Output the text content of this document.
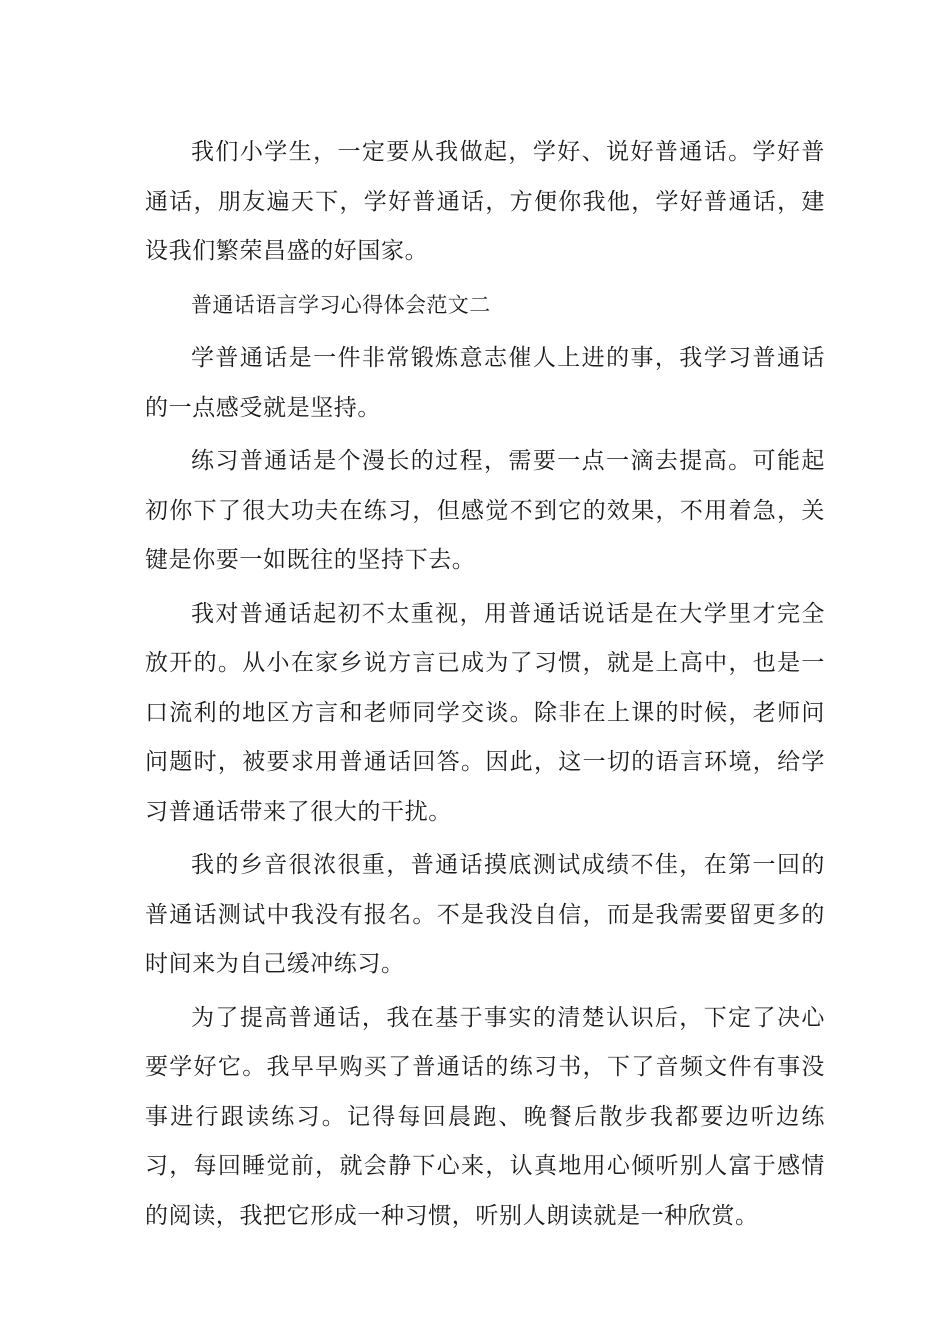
我们小学生，一定要从我做起，学好、说好普通话。学好普通话，朋友遍天下，学好普通话，方便你我他，学好普通话，建设我们繁荣昌盛的好国家。

普通话语言学习心得体会范文二

学普通话是一件非常锻炼意志催人上进的事，我学习普通话的一点感受就是坚持。

练习普通话是个漫长的过程，需要一点一滴去提高。可能起初你下了很大功夫在练习，但感觉不到它的效果，不用着急，关键是你要一如既往的坚持下去。

我对普通话起初不太重视，用普通话说话是在大学里才完全放开的。从小在家乡说方言已成为了习惯，就是上高中，也是一口流利的地区方言和老师同学交谈。除非在上课的时候，老师问问题时，被要求用普通话回答。因此，这一切的语言环境，给学习普通话带来了很大的干扰。

我的乡音很浓很重，普通话摸底测试成绩不佳，在第一回的普通话测试中我没有报名。不是我没自信，而是我需要留更多的时间来为自己缓冲练习。

为了提高普通话，我在基于事实的清楚认识后，下定了决心要学好它。我早早购买了普通话的练习书，下了音频文件有事没事进行跟读练习。记得每回晨跑、晚餐后散步我都要边听边练习，每回睡觉前，就会静下心来，认真地用心倾听别人富于感情的阅读，我把它形成一种习惯，听别人朗读就是一种欣赏。
